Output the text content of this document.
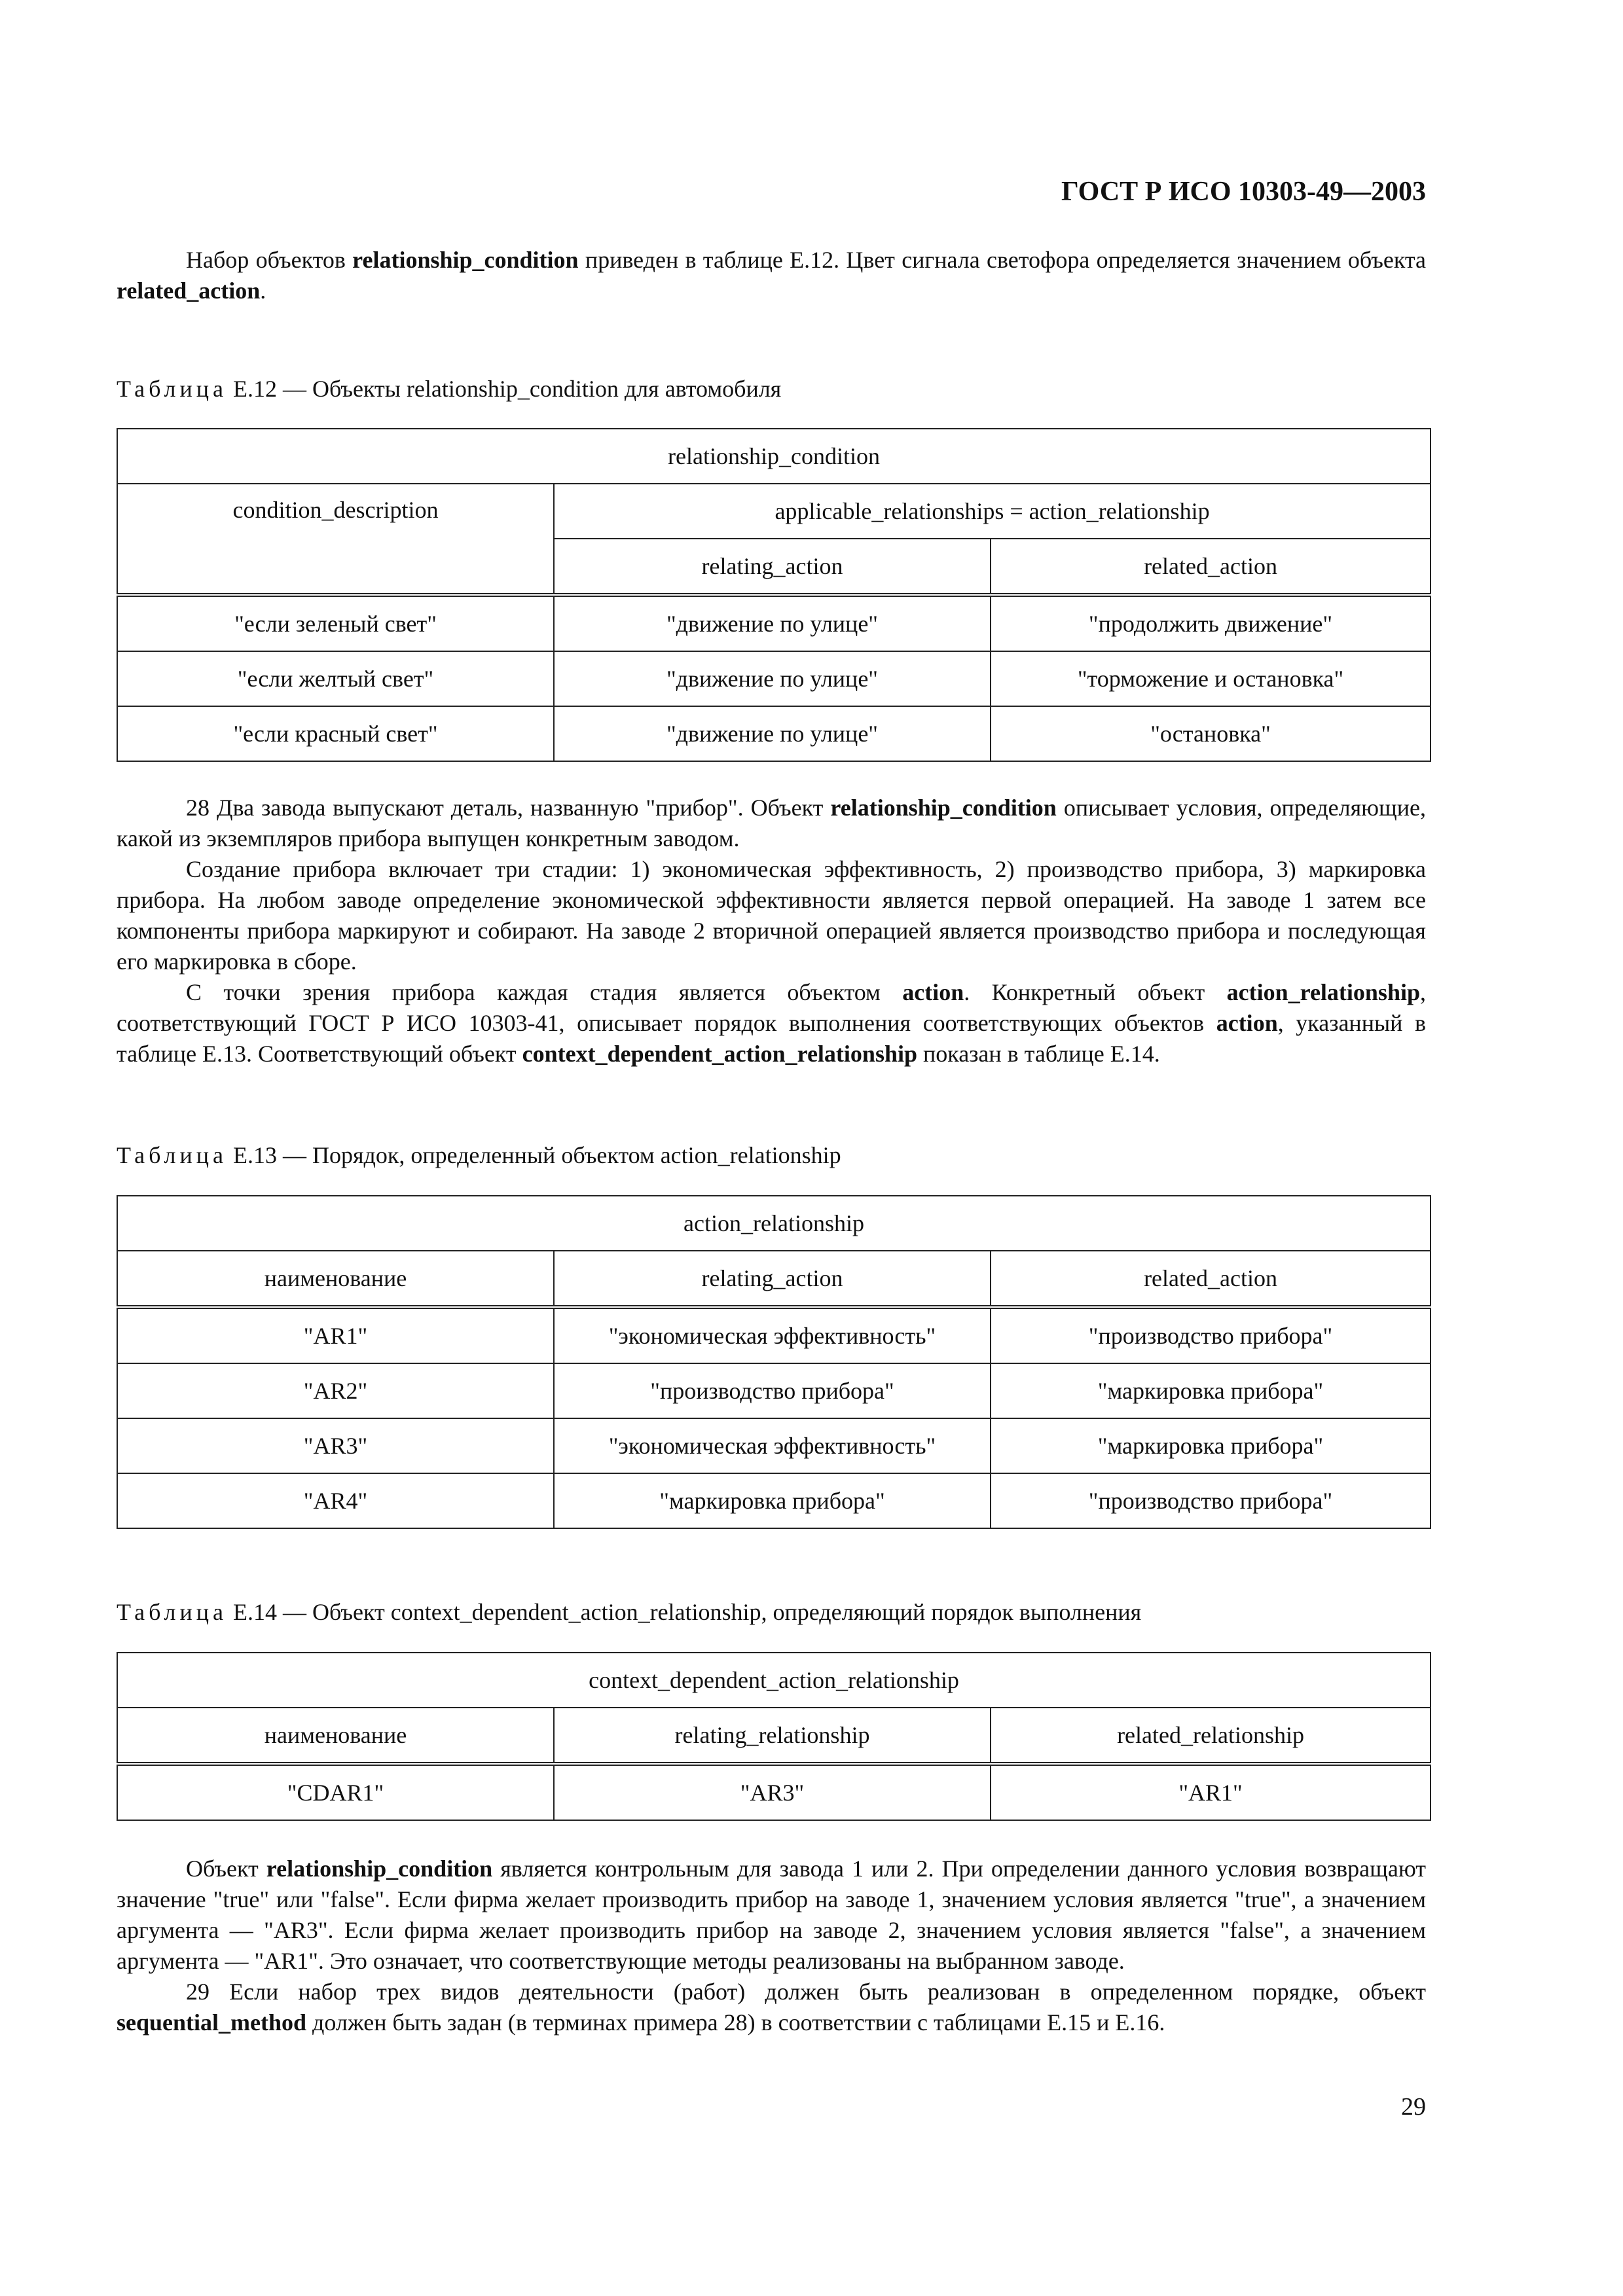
ГОСТ Р ИСО 10303-49—2003

Набор объектов relationship_condition приведен в таблице E.12. Цвет сигнала светофора определяется значением объекта related_action.

Таблица E.12 — Объекты relationship_condition для автомобиля

relationship_condition		
condition_description	applicable_relationships = action_relationship	
	relating_action	related_action
"если зеленый свет"	"движение по улице"	"продолжить движение"
"если желтый свет"	"движение по улице"	"торможение и остановка"
"если красный свет"	"движение по улице"	"остановка"

28 Два завода выпускают деталь, названную "прибор". Объект relationship_condition описывает условия, определяющие, какой из экземпляров прибора выпущен конкретным заводом.

Создание прибора включает три стадии: 1) экономическая эффективность, 2) производство прибора, 3) маркировка прибора. На любом заводе определение экономической эффективности является первой операцией. На заводе 1 затем все компоненты прибора маркируют и собирают. На заводе 2 вторичной операцией является производство прибора и последующая его маркировка в сборе.

С точки зрения прибора каждая стадия является объектом action. Конкретный объект action_relationship, соответствующий ГОСТ Р ИСО 10303-41, описывает порядок выполнения соответствующих объектов action, указанный в таблице E.13. Соответствующий объект context_dependent_action_relationship показан в таблице E.14.

Таблица E.13 — Порядок, определенный объектом action_relationship

action_relationship		
наименование	relating_action	related_action
"AR1"	"экономическая эффективность"	"производство прибора"
"AR2"	"производство прибора"	"маркировка прибора"
"AR3"	"экономическая эффективность"	"маркировка прибора"
"AR4"	"маркировка прибора"	"производство прибора"

Таблица E.14 — Объект context_dependent_action_relationship, определяющий порядок выполнения

context_dependent_action_relationship		
наименование	relating_relationship	related_relationship
"CDAR1"	"AR3"	"AR1"

Объект relationship_condition является контрольным для завода 1 или 2. При определении данного условия возвращают значение "true" или "false". Если фирма желает производить прибор на заводе 1, значением условия является "true", а значением аргумента — "AR3". Если фирма желает производить прибор на заводе 2, значением условия является "false", а значением аргумента — "AR1". Это означает, что соответствующие методы реализованы на выбранном заводе.

29 Если набор трех видов деятельности (работ) должен быть реализован в определенном порядке, объект sequential_method должен быть задан (в терминах примера 28) в соответствии с таблицами E.15 и E.16.

29
